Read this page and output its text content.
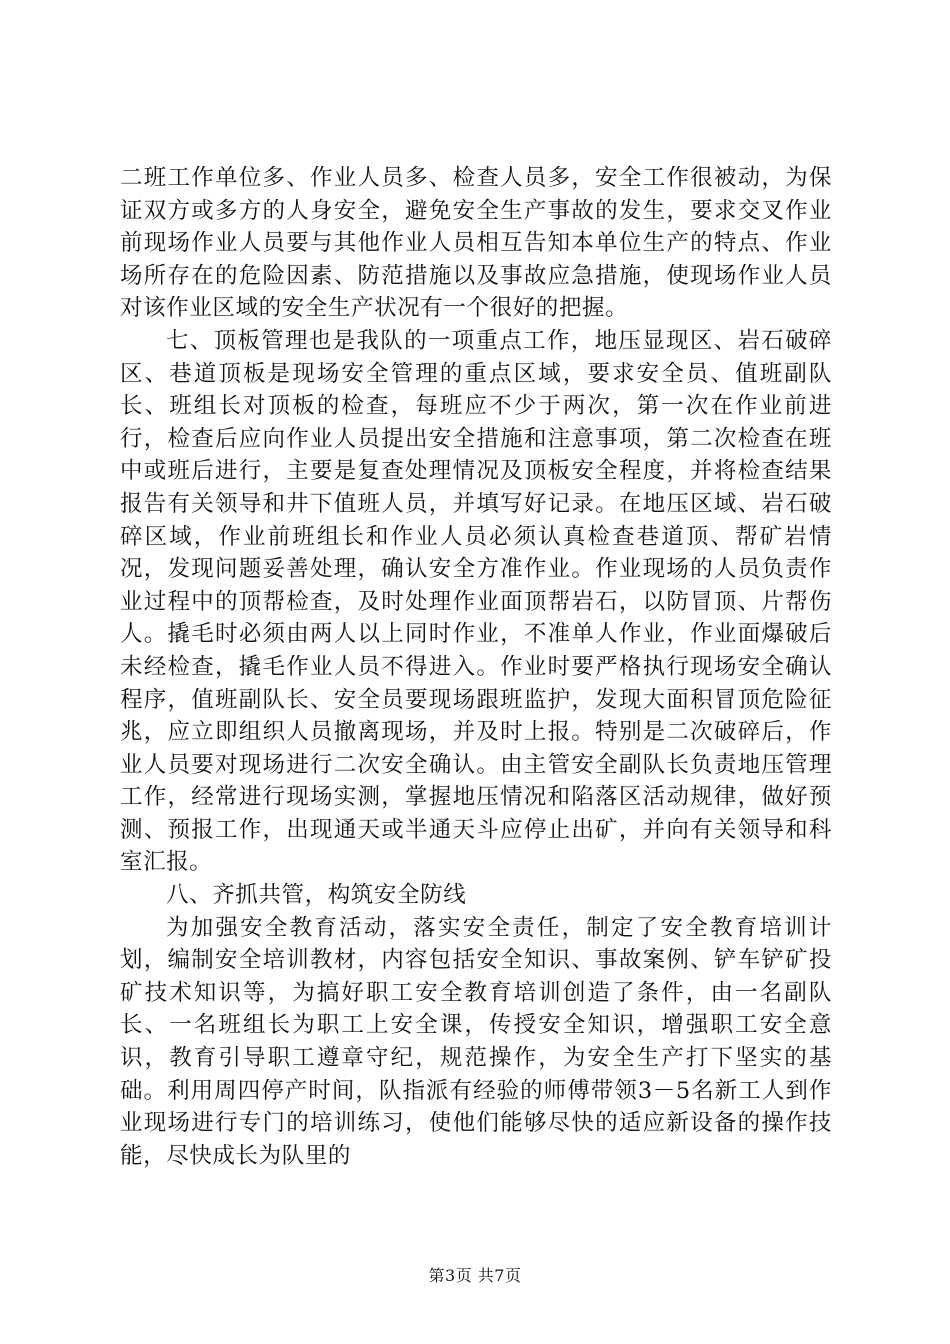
二班工作单位多、作业人员多、检查人员多，安全工作很被动，为保证双方或多方的人身安全，避免安全生产事故的发生，要求交叉作业前现场作业人员要与其他作业人员相互告知本单位生产的特点、作业场所存在的危险因素、防范措施以及事故应急措施，使现场作业人员对该作业区域的安全生产状况有一个很好的把握。

七、顶板管理也是我队的一项重点工作，地压显现区、岩石破碎区、巷道顶板是现场安全管理的重点区域，要求安全员、值班副队长、班组长对顶板的检查，每班应不少于两次，第一次在作业前进行，检查后应向作业人员提出安全措施和注意事项，第二次检查在班中或班后进行，主要是复查处理情况及顶板安全程度，并将检查结果报告有关领导和井下值班人员，并填写好记录。在地压区域、岩石破碎区域，作业前班组长和作业人员必须认真检查巷道顶、帮矿岩情况，发现问题妥善处理，确认安全方准作业。作业现场的人员负责作业过程中的顶帮检查，及时处理作业面顶帮岩石，以防冒顶、片帮伤人。撬毛时必须由两人以上同时作业，不准单人作业，作业面爆破后未经检查，撬毛作业人员不得进入。作业时要严格执行现场安全确认程序，值班副队长、安全员要现场跟班监护，发现大面积冒顶危险征兆，应立即组织人员撤离现场，并及时上报。特别是二次破碎后，作业人员要对现场进行二次安全确认。由主管安全副队长负责地压管理工作，经常进行现场实测，掌握地压情况和陷落区活动规律，做好预测、预报工作，出现通天或半通天斗应停止出矿，并向有关领导和科室汇报。

八、齐抓共管，构筑安全防线

为加强安全教育活动，落实安全责任，制定了安全教育培训计划，编制安全培训教材，内容包括安全知识、事故案例、铲车铲矿投矿技术知识等，为搞好职工安全教育培训创造了条件，由一名副队长、一名班组长为职工上安全课，传授安全知识，增强职工安全意识，教育引导职工遵章守纪，规范操作，为安全生产打下坚实的基础。利用周四停产时间，队指派有经验的师傅带领3－5名新工人到作业现场进行专门的培训练习，使他们能够尽快的适应新设备的操作技能，尽快成长为队里的

第3页 共7页
